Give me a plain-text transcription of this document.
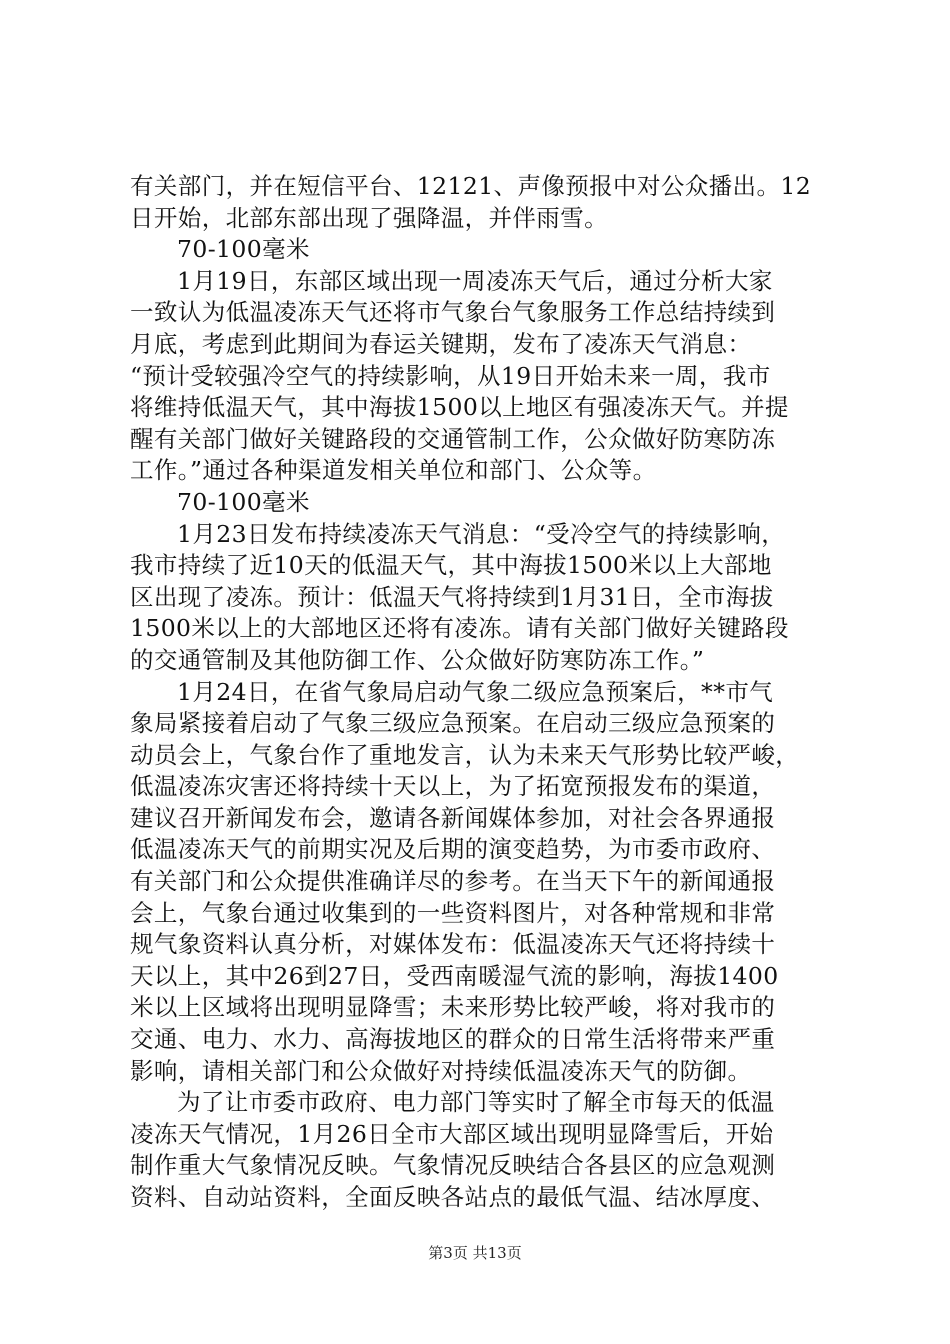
有关部门，并在短信平台、12121、声像预报中对公众播出。12
日开始，北部东部出现了强降温，并伴雨雪。
70-100毫米
1月19日，东部区域出现一周凌冻天气后，通过分析大家
一致认为低温凌冻天气还将市气象台气象服务工作总结持续到
月底，考虑到此期间为春运关键期，发布了凌冻天气消息：
“预计受较强冷空气的持续影响，从19日开始未来一周，我市
将维持低温天气，其中海拔1500以上地区有强凌冻天气。并提
醒有关部门做好关键路段的交通管制工作，公众做好防寒防冻
工作。”通过各种渠道发相关单位和部门、公众等。
70-100毫米
1月23日发布持续凌冻天气消息：“受冷空气的持续影响，
我市持续了近10天的低温天气，其中海拔1500米以上大部地
区出现了凌冻。预计：低温天气将持续到1月31日，全市海拔
1500米以上的大部地区还将有凌冻。请有关部门做好关键路段
的交通管制及其他防御工作、公众做好防寒防冻工作。”
1月24日，在省气象局启动气象二级应急预案后，**市气
象局紧接着启动了气象三级应急预案。在启动三级应急预案的
动员会上，气象台作了重地发言，认为未来天气形势比较严峻，
低温凌冻灾害还将持续十天以上，为了拓宽预报发布的渠道，
建议召开新闻发布会，邀请各新闻媒体参加，对社会各界通报
低温凌冻天气的前期实况及后期的演变趋势，为市委市政府、
有关部门和公众提供准确详尽的参考。在当天下午的新闻通报
会上，气象台通过收集到的一些资料图片，对各种常规和非常
规气象资料认真分析，对媒体发布：低温凌冻天气还将持续十
天以上，其中26到27日，受西南暖湿气流的影响，海拔1400
米以上区域将出现明显降雪；未来形势比较严峻，将对我市的
交通、电力、水力、高海拔地区的群众的日常生活将带来严重
影响，请相关部门和公众做好对持续低温凌冻天气的防御。
为了让市委市政府、电力部门等实时了解全市每天的低温
凌冻天气情况，1月26日全市大部区域出现明显降雪后，开始
制作重大气象情况反映。气象情况反映结合各县区的应急观测
资料、自动站资料，全面反映各站点的最低气温、结冰厚度、
第3页 共13页
